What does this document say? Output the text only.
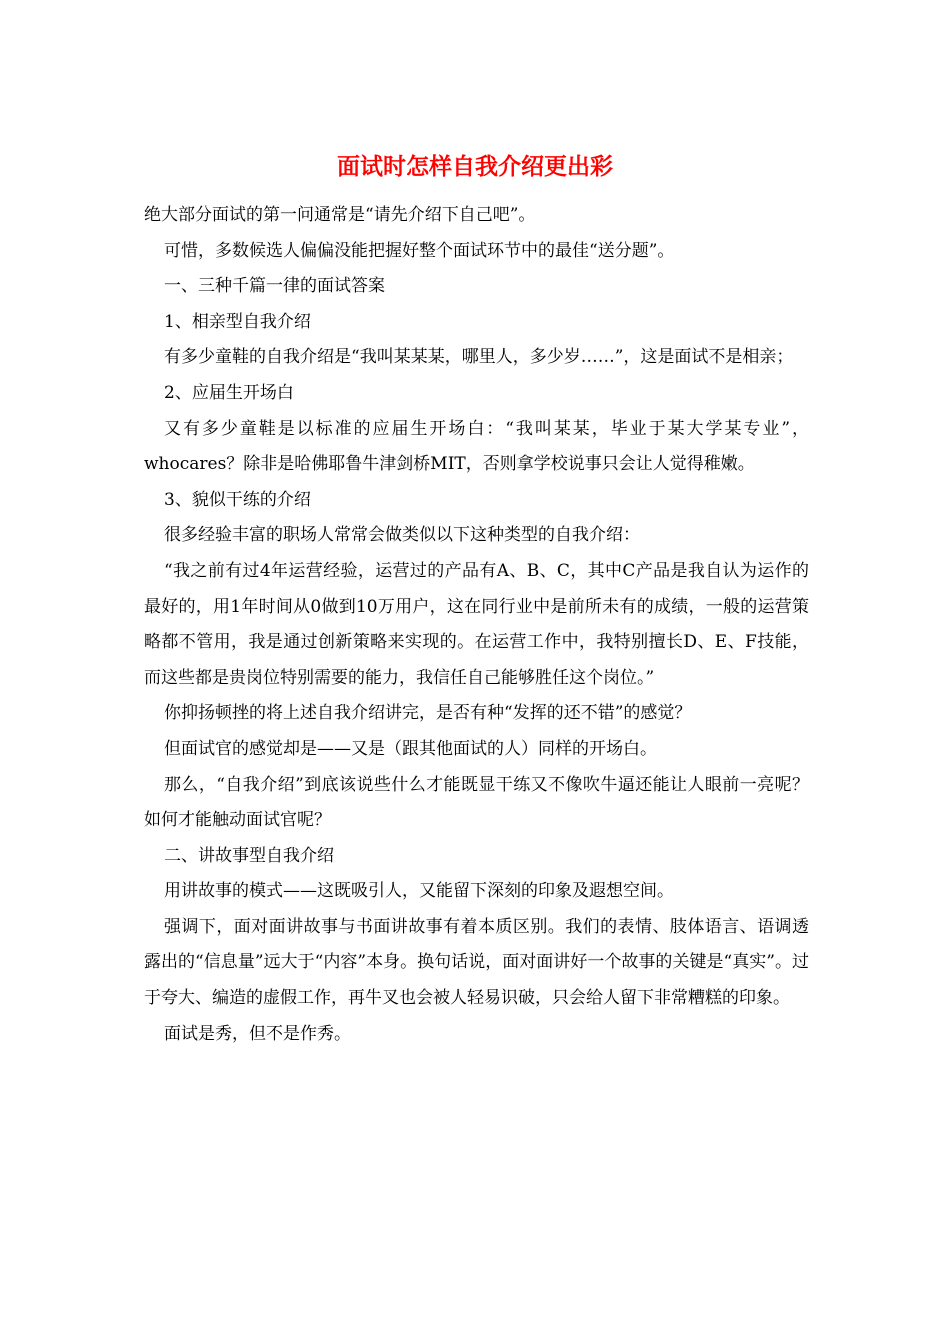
面试时怎样自我介绍更出彩

绝大部分面试的第一问通常是“请先介绍下自己吧”。

可惜，多数候选人偏偏没能把握好整个面试环节中的最佳“送分题”。

一、三种千篇一律的面试答案

1、相亲型自我介绍

有多少童鞋的自我介绍是“我叫某某某，哪里人，多少岁……”，这是面试不是相亲；

2、应届生开场白

又有多少童鞋是以标准的应届生开场白：“我叫某某，毕业于某大学某专业”，whocares？除非是哈佛耶鲁牛津剑桥MIT，否则拿学校说事只会让人觉得稚嫩。

3、貌似干练的介绍

很多经验丰富的职场人常常会做类似以下这种类型的自我介绍：

“我之前有过4年运营经验，运营过的产品有A、B、C，其中C产品是我自认为运作的最好的，用1年时间从0做到10万用户，这在同行业中是前所未有的成绩，一般的运营策略都不管用，我是通过创新策略来实现的。在运营工作中，我特别擅长D、E、F技能，而这些都是贵岗位特别需要的能力，我信任自己能够胜任这个岗位。”

你抑扬顿挫的将上述自我介绍讲完，是否有种“发挥的还不错”的感觉？

但面试官的感觉却是——又是（跟其他面试的人）同样的开场白。

那么，“自我介绍”到底该说些什么才能既显干练又不像吹牛逼还能让人眼前一亮呢？如何才能触动面试官呢？

二、讲故事型自我介绍

用讲故事的模式——这既吸引人，又能留下深刻的印象及遐想空间。

强调下，面对面讲故事与书面讲故事有着本质区别。我们的表情、肢体语言、语调透露出的“信息量”远大于“内容”本身。换句话说，面对面讲好一个故事的关键是“真实”。过于夸大、编造的虚假工作，再牛叉也会被人轻易识破，只会给人留下非常糟糕的印象。

面试是秀，但不是作秀。
